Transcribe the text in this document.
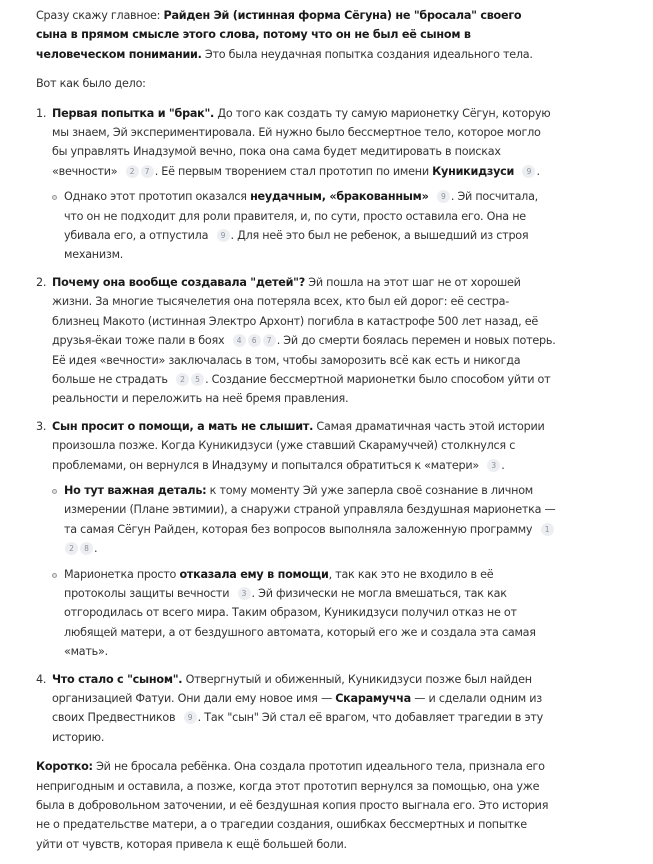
Сразу скажу главное: Райден Эй (истинная форма Сёгуна) не "бросала" своего сына в прямом смысле этого слова, потому что он не был её сыном в человеческом понимании. Это была неудачная попытка создания идеального тела.

Вот как было дело:

1. Первая попытка и "брак". До того как создать ту самую марионетку Сёгун, которую мы знаем, Эй экспериментировала. Ей нужно было бессмертное тело, которое могло бы управлять Инадзумой вечно, пока она сама будет медитировать в поисках «вечности» 2 7 . Её первым творением стал прототип по имени Куникидзуси 9 .
Однако этот прототип оказался неудачным, «бракованным» 9 . Эй посчитала, что он не подходит для роли правителя, и, по сути, просто оставила его. Она не убивала его, а отпустила 9 . Для неё это был не ребенок, а вышедший из строя механизм.
2. Почему она вообще создавала "детей"? Эй пошла на этот шаг не от хорошей жизни. За многие тысячелетия она потеряла всех, кто был ей дорог: её сестра-близнец Макото (истинная Электро Архонт) погибла в катастрофе 500 лет назад, её друзья-ёкаи тоже пали в боях 4 6 7 . Эй до смерти боялась перемен и новых потерь. Её идея «вечности» заключалась в том, чтобы заморозить всё как есть и никогда больше не страдать 2 5 . Создание бессмертной марионетки было способом уйти от реальности и переложить на неё бремя правления.
3. Сын просит о помощи, а мать не слышит. Самая драматичная часть этой истории произошла позже. Когда Куникидзуси (уже ставший Скарамуччей) столкнулся с проблемами, он вернулся в Инадзуму и попытался обратиться к «матери» 3 .
Но тут важная деталь: к тому моменту Эй уже заперла своё сознание в личном измерении (Плане эвтимии), а снаружи страной управляла бездушная марионетка — та самая Сёгун Райден, которая без вопросов выполняла заложенную программу 12 8 .
Марионетка просто отказала ему в помощи, так как это не входило в её протоколы защиты вечности 3 . Эй физически не могла вмешаться, так как отгородилась от всего мира. Таким образом, Куникидзуси получил отказ не от любящей матери, а от бездушного автомата, который его же и создала эта самая «мать».
4. Что стало с "сыном". Отвергнутый и обиженный, Куникидзуси позже был найден организацией Фатуи. Они дали ему новое имя — Скарамучча — и сделали одним из своих Предвестников 9 . Так "сын" Эй стал её врагом, что добавляет трагедии в эту историю.

Коротко: Эй не бросала ребёнка. Она создала прототип идеального тела, признала его непригодным и оставила, а позже, когда этот прототип вернулся за помощью, она уже была в добровольном заточении, и её бездушная копия просто выгнала его. Это история не о предательстве матери, а о трагедии создания, ошибках бессмертных и попытке уйти от чувств, которая привела к ещё большей боли.
